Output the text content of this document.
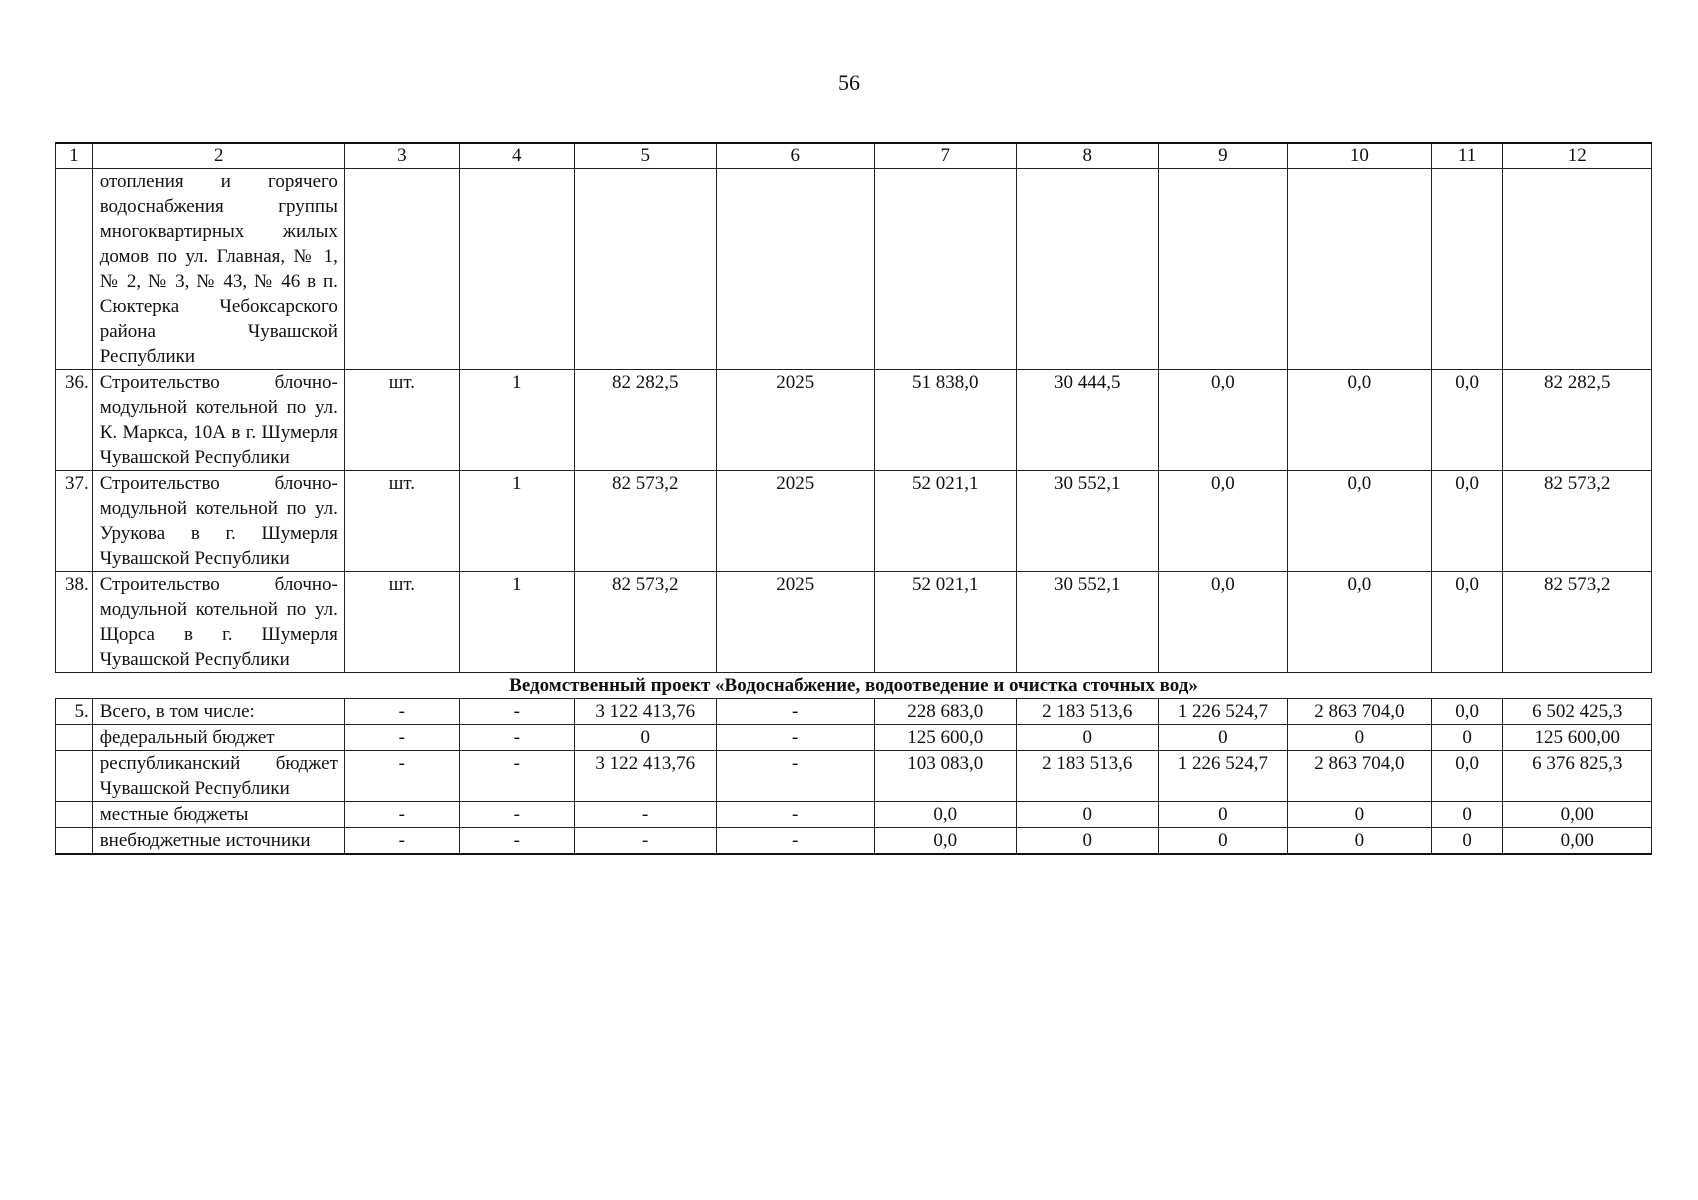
56
1	2	3	4	5	6	7	8	9	10	11	12
	отопления и горячего водоснабжения группы многоквартирных жилых домов по ул. Главная, № 1, № 2, № 3, № 43, № 46 в п. Сюктерка Чебоксарского района Чувашской Республики										
36.	Строительство блочно-модульной котельной по ул. К. Маркса, 10А в г. Шумерля Чувашской Республики	шт.	1	82 282,5	2025	51 838,0	30 444,5	0,0	0,0	0,0	82 282,5
37.	Строительство блочно-модульной котельной по ул. Урукова в г. Шумерля Чувашской Республики	шт.	1	82 573,2	2025	52 021,1	30 552,1	0,0	0,0	0,0	82 573,2
38.	Строительство блочно-модульной котельной по ул. Щорса в г. Шумерля Чувашской Республики	шт.	1	82 573,2	2025	52 021,1	30 552,1	0,0	0,0	0,0	82 573,2
Ведомственный проект «Водоснабжение, водоотведение и очистка сточных вод»											
5.	Всего, в том числе:	-	-	3 122 413,76	-	228 683,0	2 183 513,6	1 226 524,7	2 863 704,0	0,0	6 502 425,3
	федеральный бюджет	-	-	0	-	125 600,0	0	0	0	0	125 600,00
	республиканский бюджет Чувашской Республики	-	-	3 122 413,76	-	103 083,0	2 183 513,6	1 226 524,7	2 863 704,0	0,0	6 376 825,3
	местные бюджеты	-	-	-	-	0,0	0	0	0	0	0,00
	внебюджетные источники	-	-	-	-	0,0	0	0	0	0	0,00
